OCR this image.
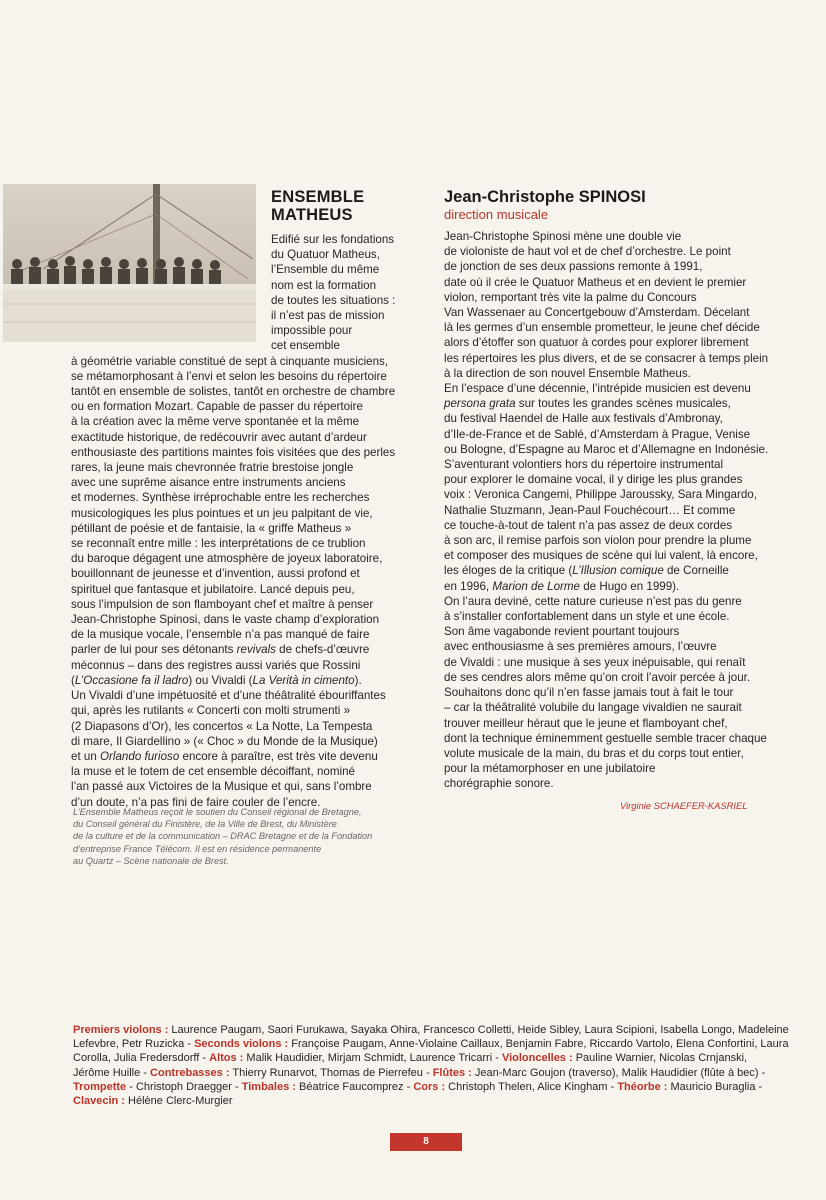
ENSEMBLE
MATHEUS
Edifié sur les fondations
du Quatuor Matheus,
l’Ensemble du même
nom est la formation
de toutes les situations :
il n’est pas de mission
impossible pour
cet ensemble
à géométrie variable constitué de sept à cinquante musiciens,
se métamorphosant à l’envi et selon les besoins du répertoire
tantôt en ensemble de solistes, tantôt en orchestre de chambre
ou en formation Mozart. Capable de passer du répertoire
à la création avec la même verve spontanée et la même
exactitude historique, de redécouvrir avec autant d’ardeur
enthousiaste des partitions maintes fois visitées que des perles
rares, la jeune mais chevronnée fratrie brestoise jongle
avec une suprême aisance entre instruments anciens
et modernes. Synthèse irréprochable entre les recherches
musicologiques les plus pointues et un jeu palpitant de vie,
pétillant de poésie et de fantaisie, la « griffe Matheus »
se reconnaît entre mille : les interprétations de ce trublion
du baroque dégagent une atmosphère de joyeux laboratoire,
bouillonnant de jeunesse et d’invention, aussi profond et
spirituel que fantasque et jubilatoire. Lancé depuis peu,
sous l’impulsion de son flamboyant chef et maître à penser
Jean-Christophe Spinosi, dans le vaste champ d’exploration
de la musique vocale, l’ensemble n’a pas manqué de faire
parler de lui pour ses détonants revivals de chefs-d’œuvre
méconnus – dans des registres aussi variés que Rossini
(L’Occasione fa il ladro) ou Vivaldi (La Verità in cimento).
Un Vivaldi d’une impétuosité et d’une théâtralité ébouriffantes
qui, après les rutilants « Concerti con molti strumenti »
(2 Diapasons d’Or), les concertos « La Notte, La Tempesta
di mare, Il Giardellino » (« Choc » du Monde de la Musique)
et un Orlando furioso encore à paraître, est très vite devenu
la muse et le totem de cet ensemble décoiffant, nominé
l’an passé aux Victoires de la Musique et qui, sans l’ombre
d’un doute, n’a pas fini de faire couler de l’encre.
L’Ensemble Matheus reçoit le soutien du Conseil régional de Bretagne,
du Conseil général du Finistère, de la Ville de Brest, du Ministère
de la culture et de la communication – DRAC Bretagne et de la Fondation
d’entreprise France Télécom. Il est en résidence permanente
au Quartz – Scène nationale de Brest.
Jean-Christophe SPINOSI
direction musicale
Jean-Christophe Spinosi mène une double vie
de violoniste de haut vol et de chef d’orchestre. Le point
de jonction de ses deux passions remonte à 1991,
date où il crée le Quatuor Matheus et en devient le premier
violon, remportant très vite la palme du Concours
Van Wassenaer au Concertgebouw d’Amsterdam. Décelant
là les germes d’un ensemble prometteur, le jeune chef décide
alors d’étoffer son quatuor à cordes pour explorer librement
les répertoires les plus divers, et de se consacrer à temps plein
à la direction de son nouvel Ensemble Matheus.
En l’espace d’une décennie, l’intrépide musicien est devenu
persona grata sur toutes les grandes scènes musicales,
du festival Haendel de Halle aux festivals d’Ambronay,
d’Ile-de-France et de Sablé, d’Amsterdam à Prague, Venise
ou Bologne, d’Espagne au Maroc et d’Allemagne en Indonésie.
S’aventurant volontiers hors du répertoire instrumental
pour explorer le domaine vocal, il y dirige les plus grandes
voix : Veronica Cangemi, Philippe Jaroussky, Sara Mingardo,
Nathalie Stuzmann, Jean-Paul Fouchécourt… Et comme
ce touche-à-tout de talent n’a pas assez de deux cordes
à son arc, il remise parfois son violon pour prendre la plume
et composer des musiques de scène qui lui valent, là encore,
les éloges de la critique (L’Illusion comique de Corneille
en 1996, Marion de Lorme de Hugo en 1999).
On l’aura deviné, cette nature curieuse n’est pas du genre
à s’installer confortablement dans un style et une école.
Son âme vagabonde revient pourtant toujours
avec enthousiasme à ses premières amours, l’œuvre
de Vivaldi : une musique à ses yeux inépuisable, qui renaît
de ses cendres alors même qu’on croit l’avoir percée à jour.
Souhaitons donc qu’il n’en fasse jamais tout à fait le tour
– car la théâtralité volubile du langage vivaldien ne saurait
trouver meilleur héraut que le jeune et flamboyant chef,
dont la technique éminemment gestuelle semble tracer chaque
volute musicale de la main, du bras et du corps tout entier,
pour la métamorphoser en une jubilatoire
chorégraphie sonore.
Virginie SCHAEFER-KASRIEL
Premiers violons : Laurence Paugam, Saori Furukawa, Sayaka Ohira, Francesco Colletti, Heide Sibley, Laura Scipioni, Isabella Longo, Madeleine
Lefevbre, Petr Ruzicka - Seconds violons : Françoise Paugam, Anne-Violaine Caillaux, Benjamin Fabre, Riccardo Vartolo, Elena Confortini, Laura
Corolla, Julia Fredersdorff - Altos : Malik Haudidier, Mirjam Schmidt, Laurence Tricarri - Violoncelles : Pauline Warnier, Nicolas Crnjanski,
Jérôme Huille - Contrebasses : Thierry Runarvot, Thomas de Pierrefeu - Flûtes : Jean-Marc Goujon (traverso), Malik Haudidier (flûte à bec) -
Trompette - Christoph Draegger - Timbales : Béatrice Faucomprez - Cors : Christoph Thelen, Alice Kingham - Théorbe : Mauricio Buraglia -
Clavecin : Hélène Clerc-Murgier
8
